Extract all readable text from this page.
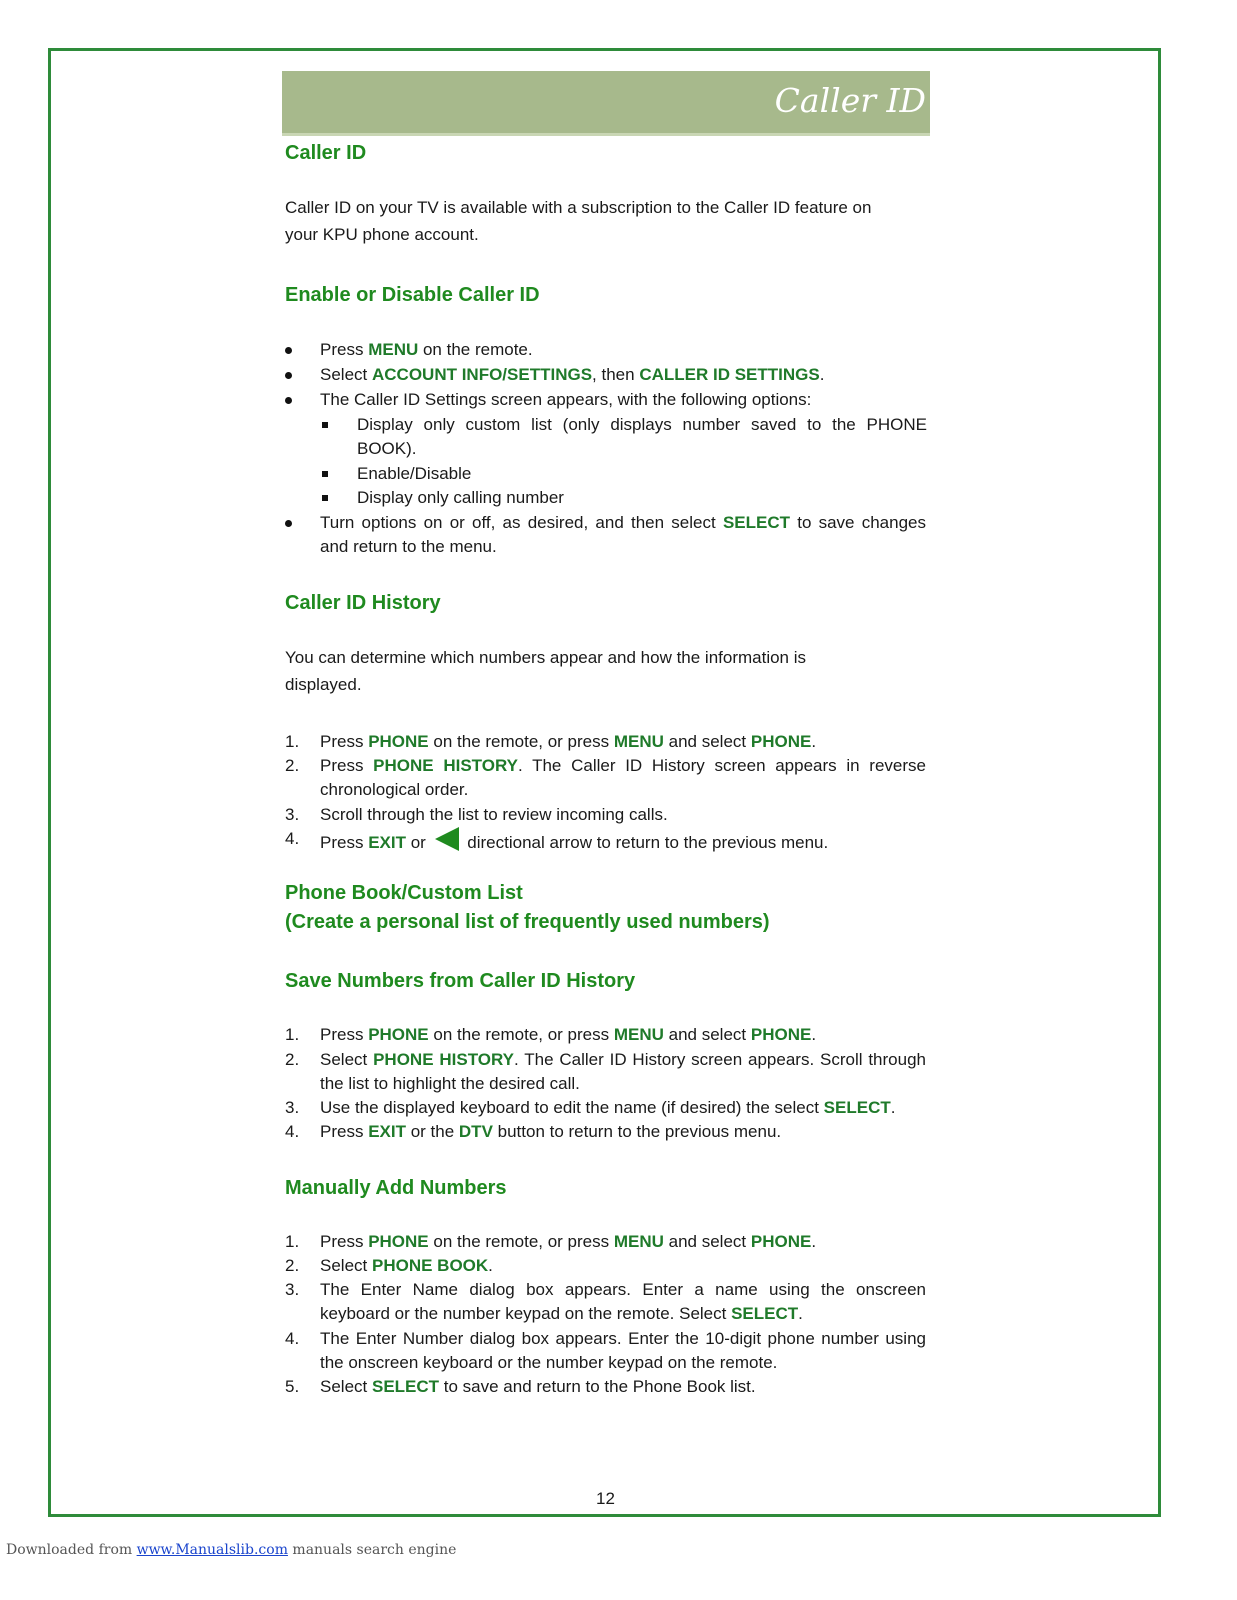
Caller ID
Caller ID

Caller ID on your TV is available with a subscription to the Caller ID feature on
your KPU phone account.

Enable or Disable Caller ID
Press MENU on the remote.
Select ACCOUNT INFO/SETTINGS, then CALLER ID SETTINGS.
The Caller ID Settings screen appears, with the following options:
Display only custom list (only displays number saved to the PHONE BOOK).
Enable/Disable
Display only calling number
Turn options on or off, as desired, and then select SELECT to save changes and return to the menu.
Caller ID History

You can determine which numbers appear and how the information is
displayed.

1.	Press PHONE on the remote, or press MENU and select PHONE.
2.	Press PHONE HISTORY. The Caller ID History screen appears in reverse chronological order.
3.	Scroll through the list to review incoming calls.
4.	Press EXIT or  directional arrow to return to the previous menu.
Phone Book/Custom List
(Create a personal list of frequently used numbers)
Save Numbers from Caller ID History
1.	Press PHONE on the remote, or press MENU and select PHONE.
2.	Select PHONE HISTORY. The Caller ID History screen appears. Scroll through the list to highlight the desired call.
3.	Use the displayed keyboard to edit the name (if desired) the select SELECT.
4.	Press EXIT or the DTV button to return to the previous menu.
Manually Add Numbers
1.	Press PHONE on the remote, or press MENU and select PHONE.
2.	Select PHONE BOOK.
3.	The Enter Name dialog box appears. Enter a name using the onscreen keyboard or the number keypad on the remote. Select SELECT.
4.	The Enter Number dialog box appears. Enter the 10-digit phone number using the onscreen keyboard or the number keypad on the remote.
5.	Select SELECT to save and return to the Phone Book list.
12
Downloaded from www.Manualslib.com manuals search engine
